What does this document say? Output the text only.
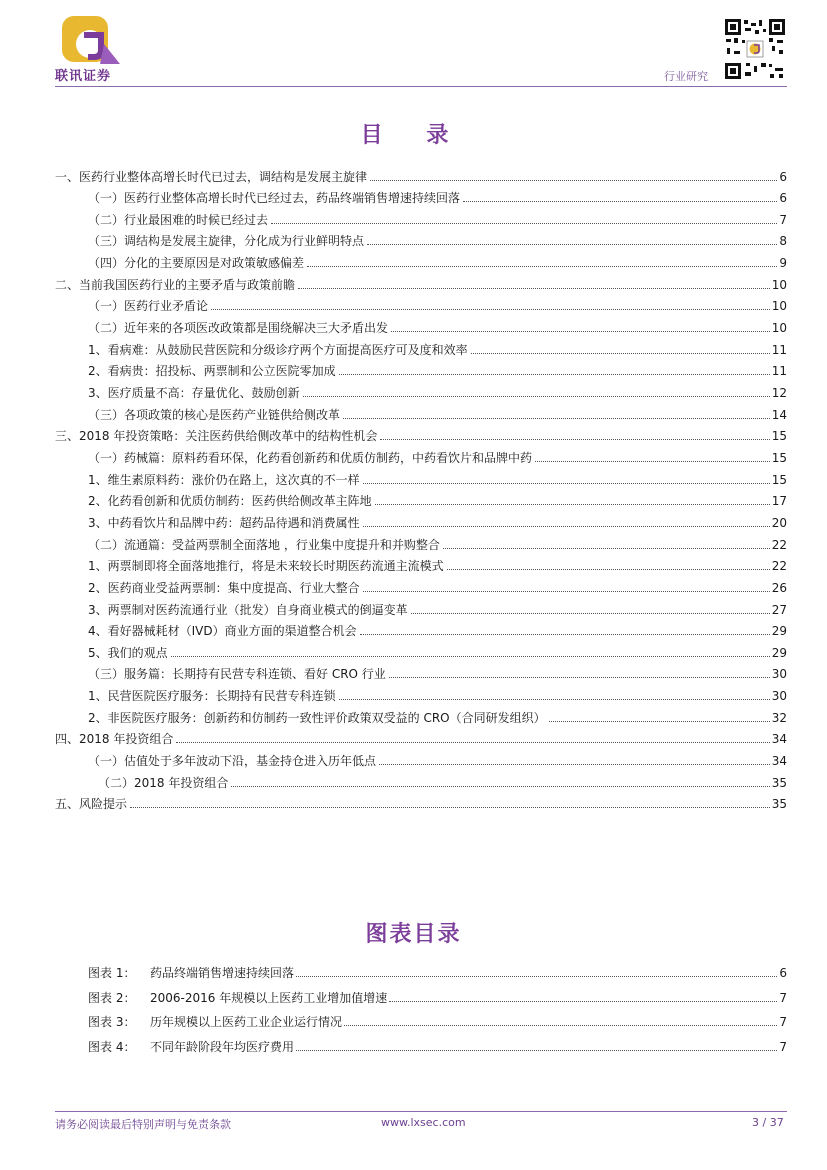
联讯证券	行业研究
目 录
一、医药行业整体高增长时代已过去，调结构是发展主旋律	6
（一）医药行业整体高增长时代已经过去，药品终端销售增速持续回落	6
（二）行业最困难的时候已经过去	7
（三）调结构是发展主旋律，分化成为行业鲜明特点	8
（四）分化的主要原因是对政策敏感偏差	9
二、当前我国医药行业的主要矛盾与政策前瞻	10
（一）医药行业矛盾论	10
（二）近年来的各项医改政策都是围绕解决三大矛盾出发	10
1、看病难：从鼓励民营医院和分级诊疗两个方面提高医疗可及度和效率	11
2、看病贵：招投标、两票制和公立医院零加成	11
3、医疗质量不高：存量优化、鼓励创新	12
（三）各项政策的核心是医药产业链供给侧改革	14
三、2018 年投资策略：关注医药供给侧改革中的结构性机会	15
（一）药械篇：原料药看环保，化药看创新药和优质仿制药，中药看饮片和品牌中药	15
1、维生素原料药：涨价仍在路上，这次真的不一样	15
2、化药看创新和优质仿制药：医药供给侧改革主阵地	17
3、中药看饮片和品牌中药：超药品待遇和消费属性	20
（二）流通篇：受益两票制全面落地 ，行业集中度提升和并购整合	22
1、两票制即将全面落地推行，将是未来较长时期医药流通主流模式	22
2、医药商业受益两票制：集中度提高、行业大整合	26
3、两票制对医药流通行业（批发）自身商业模式的倒逼变革	27
4、看好器械耗材（IVD）商业方面的渠道整合机会	29
5、我们的观点	29
（三）服务篇：长期持有民营专科连锁、看好 CRO 行业	30
1、民营医院医疗服务：长期持有民营专科连锁	30
2、非医院医疗服务：创新药和仿制药一致性评价政策双受益的 CRO（合同研发组织）	32
四、2018 年投资组合	34
（一）估值处于多年波动下沿，基金持仓进入历年低点	34
（二）2018 年投资组合	35
五、风险提示	35
图表目录
图表 1：	药品终端销售增速持续回落	6
图表 2：	2006-2016 年规模以上医药工业增加值增速	7
图表 3：	历年规模以上医药工业企业运行情况	7
图表 4：	不同年龄阶段年均医疗费用	7
请务必阅读最后特别声明与免责条款	www.lxsec.com	3 / 37
